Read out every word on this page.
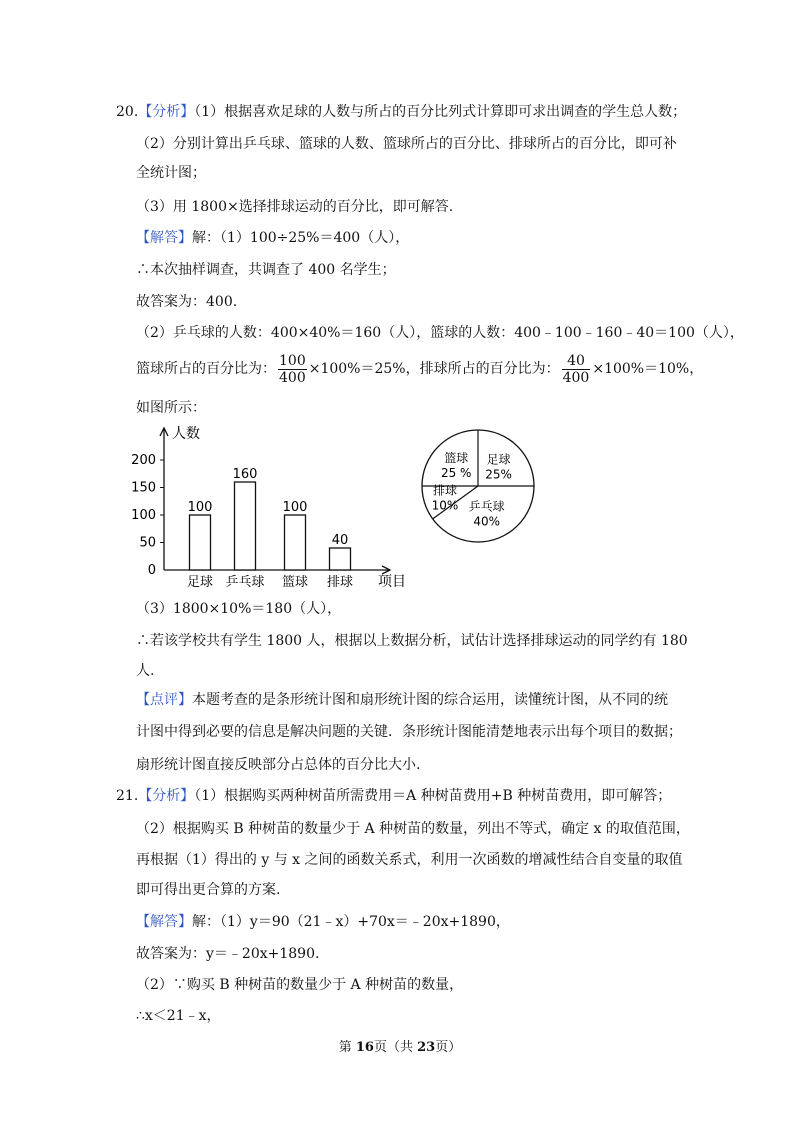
20.【分析】（1）根据喜欢足球的人数与所占的百分比列式计算即可求出调查的学生总人数；
（2）分别计算出乒乓球、篮球的人数、篮球所占的百分比、排球所占的百分比，即可补
全统计图；
（3）用 1800×选择排球运动的百分比，即可解答.
【解答】解：（1）100÷25%＝400（人），
∴本次抽样调查，共调查了 400 名学生；
故答案为：400.
（2）乒乓球的人数：400×40%＝160（人），篮球的人数：400﹣100﹣160﹣40＝100（人），
篮球所占的百分比为： $\frac{100}{400} \times 100\%=25\%$，排球所占的百分比为： $\frac{40}{400} \times 100\%=10\%$，
如图所示：
人数
项目
0
50
100
150
200
100
足球
160
乒乓球
100
篮球
40
排球
足球
25%
乒乓球
40%
排球
10%
篮球
25 %
（3）1800×10%＝180（人），
∴若该学校共有学生 1800 人，根据以上数据分析，试估计选择排球运动的同学约有 180
人.
【点评】本题考查的是条形统计图和扇形统计图的综合运用，读懂统计图，从不同的统
计图中得到必要的信息是解决问题的关键．条形统计图能清楚地表示出每个项目的数据；
扇形统计图直接反映部分占总体的百分比大小.
21.【分析】（1）根据购买两种树苗所需费用＝A 种树苗费用+B 种树苗费用，即可解答；
（2）根据购买 B 种树苗的数量少于 A 种树苗的数量，列出不等式，确定 x 的取值范围，
再根据（1）得出的 y 与 x 之间的函数关系式，利用一次函数的增减性结合自变量的取值
即可得出更合算的方案.
【解答】解：（1）y＝90（21﹣x）+70x＝﹣20x+1890，
故答案为：y＝﹣20x+1890.
（2）∵购买 B 种树苗的数量少于 A 种树苗的数量，
∴x＜21﹣x，
第 16页（共 23页）
